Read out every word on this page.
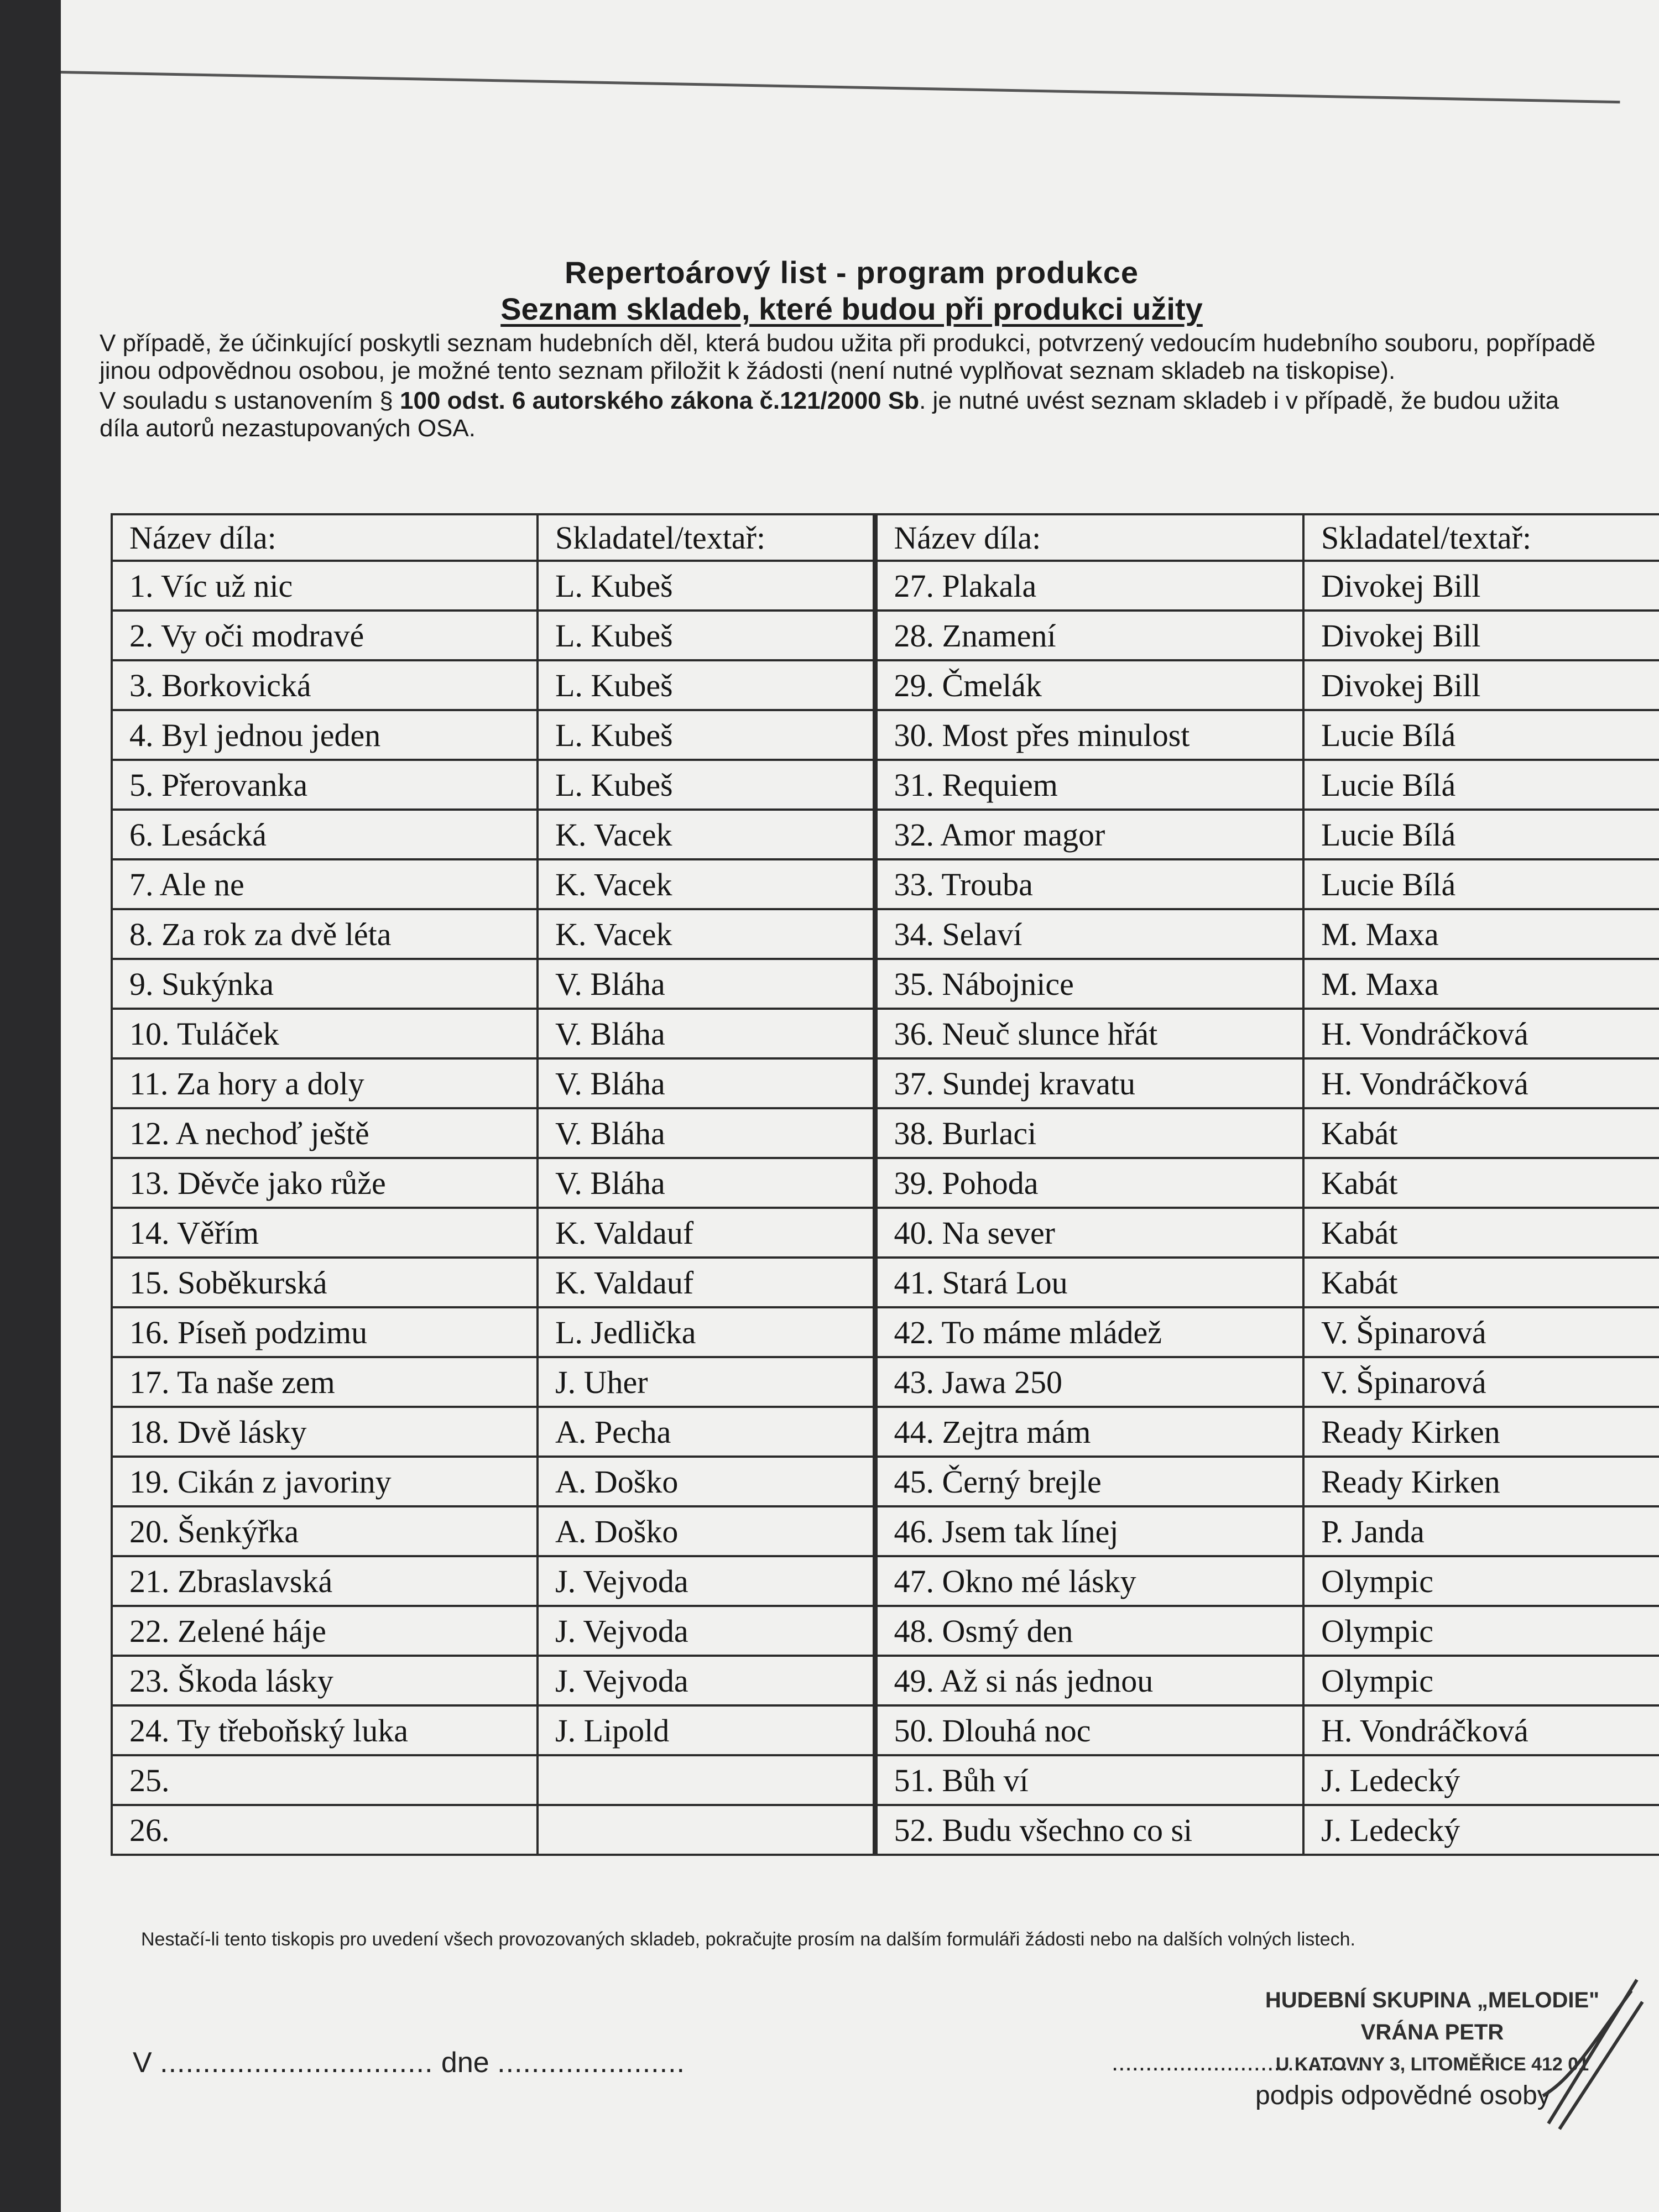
Repertoárový list - program produkce
Seznam skladeb, které budou při produkci užity
V případě, že účinkující poskytli seznam hudebních děl, která budou užita při produkci, potvrzený vedoucím hudebního souboru, popřípadě jinou odpovědnou osobou, je možné tento seznam přiložit k žádosti (není nutné vyplňovat seznam skladeb na tiskopise).
V souladu s ustanovením § 100 odst. 6 autorského zákona č.121/2000 Sb. je nutné uvést seznam skladeb i v případě, že budou užita díla autorů nezastupovaných OSA.
Název díla:	Skladatel/textař:	Název díla:	Skladatel/textař:
1. Víc už nic	L. Kubeš	27. Plakala	Divokej Bill
2. Vy oči modravé	L. Kubeš	28. Znamení	Divokej Bill
3. Borkovická	L. Kubeš	29. Čmelák	Divokej Bill
4. Byl jednou jeden	L. Kubeš	30. Most přes minulost	Lucie Bílá
5. Přerovanka	L. Kubeš	31. Requiem	Lucie Bílá
6. Lesácká	K. Vacek	32. Amor magor	Lucie Bílá
7. Ale ne	K. Vacek	33. Trouba	Lucie Bílá
8. Za rok za dvě léta	K. Vacek	34. Selaví	M. Maxa
9. Sukýnka	V. Bláha	35. Nábojnice	M. Maxa
10. Tuláček	V. Bláha	36. Neuč slunce hřát	H. Vondráčková
11. Za hory a doly	V. Bláha	37. Sundej kravatu	H. Vondráčková
12. A nechoď ještě	V. Bláha	38. Burlaci	Kabát
13. Děvče jako růže	V. Bláha	39. Pohoda	Kabát
14. Věřím	K. Valdauf	40. Na sever	Kabát
15. Soběkurská	K. Valdauf	41. Stará Lou	Kabát
16. Píseň podzimu	L. Jedlička	42. To máme mládež	V. Špinarová
17. Ta naše zem	J. Uher	43. Jawa 250	V. Špinarová
18. Dvě lásky	A. Pecha	44. Zejtra mám	Ready Kirken
19. Cikán z javoriny	A. Doško	45. Černý brejle	Ready Kirken
20. Šenkýřka	A. Doško	46. Jsem tak línej	P. Janda
21. Zbraslavská	J. Vejvoda	47. Okno mé lásky	Olympic
22. Zelené háje	J. Vejvoda	48. Osmý den	Olympic
23. Škoda lásky	J. Vejvoda	49. Až si nás jednou	Olympic
24. Ty třeboňský luka	J. Lipold	50. Dlouhá noc	H. Vondráčková
25.		51. Bůh ví	J. Ledecký
26.		52. Budu všechno co si	J. Ledecký
Nestačí-li tento tiskopis pro uvedení všech provozovaných skladeb, pokračujte prosím na dalším formuláři žádosti nebo na dalších volných listech.
HUDEBNÍ SKUPINA „MELODIE"
VRÁNA PETR
U KATOVNY 3, LITOMĚŘICE 412 01
V ................................ dne ......................	.....................................
podpis odpovědné osoby
